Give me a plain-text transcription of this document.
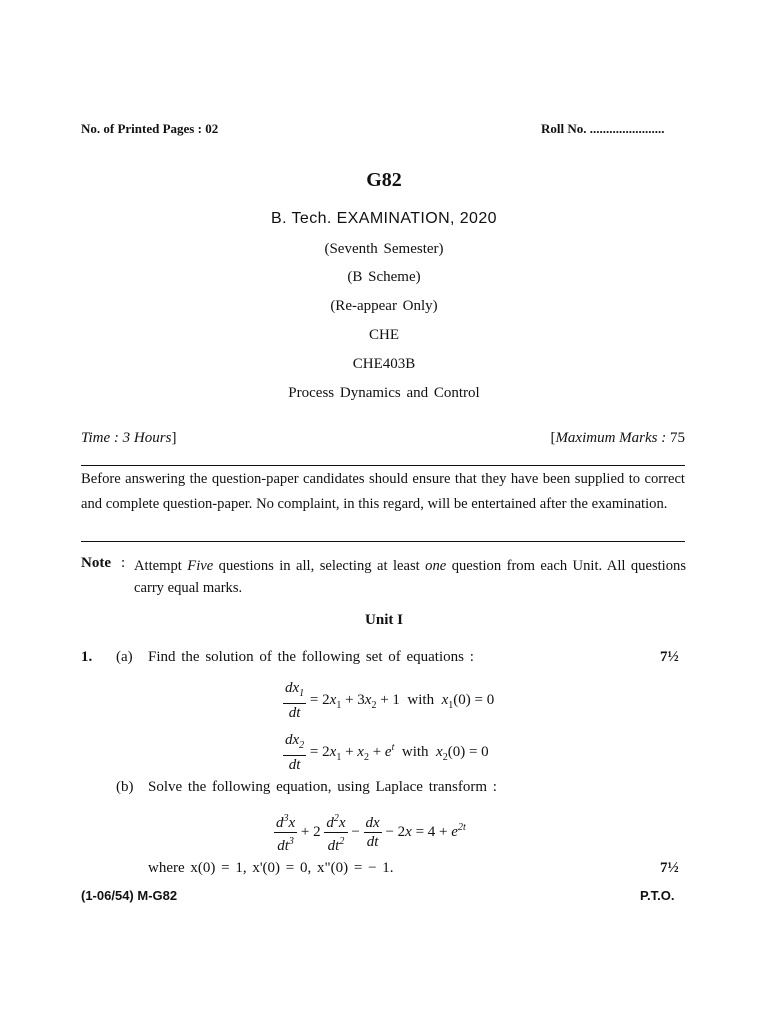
No. of Printed Pages : 02	Roll No. .......................
G82
B. Tech. EXAMINATION, 2020
(Seventh Semester)
(B Scheme)
(Re-appear Only)
CHE
CHE403B
Process Dynamics and Control
Time : 3 Hours]	[Maximum Marks : 75
Before answering the question-paper candidates should ensure that they have been supplied to correct and complete question-paper. No complaint, in this regard, will be entertained after the examination.
Note : Attempt Five questions in all, selecting at least one question from each Unit. All questions carry equal marks.
Unit I
1. (a) Find the solution of the following set of equations :	7½
$\frac{dx_1}{dt} = 2x_1 + 3x_2 + 1$  with  $x_1(0) = 0$
$\frac{dx_2}{dt} = 2x_1 + x_2 + e^t$  with  $x_2(0) = 0$
(b) Solve the following equation, using Laplace transform :
$\frac{d^3x}{dt^3} + 2 \frac{d^2x}{dt^2} - \frac{dx}{dt} - 2x = 4 + e^{2t}$
where x(0) = 1, x'(0) = 0, x"(0) = − 1.	7½
(1-06/54) M-G82	P.T.O.
